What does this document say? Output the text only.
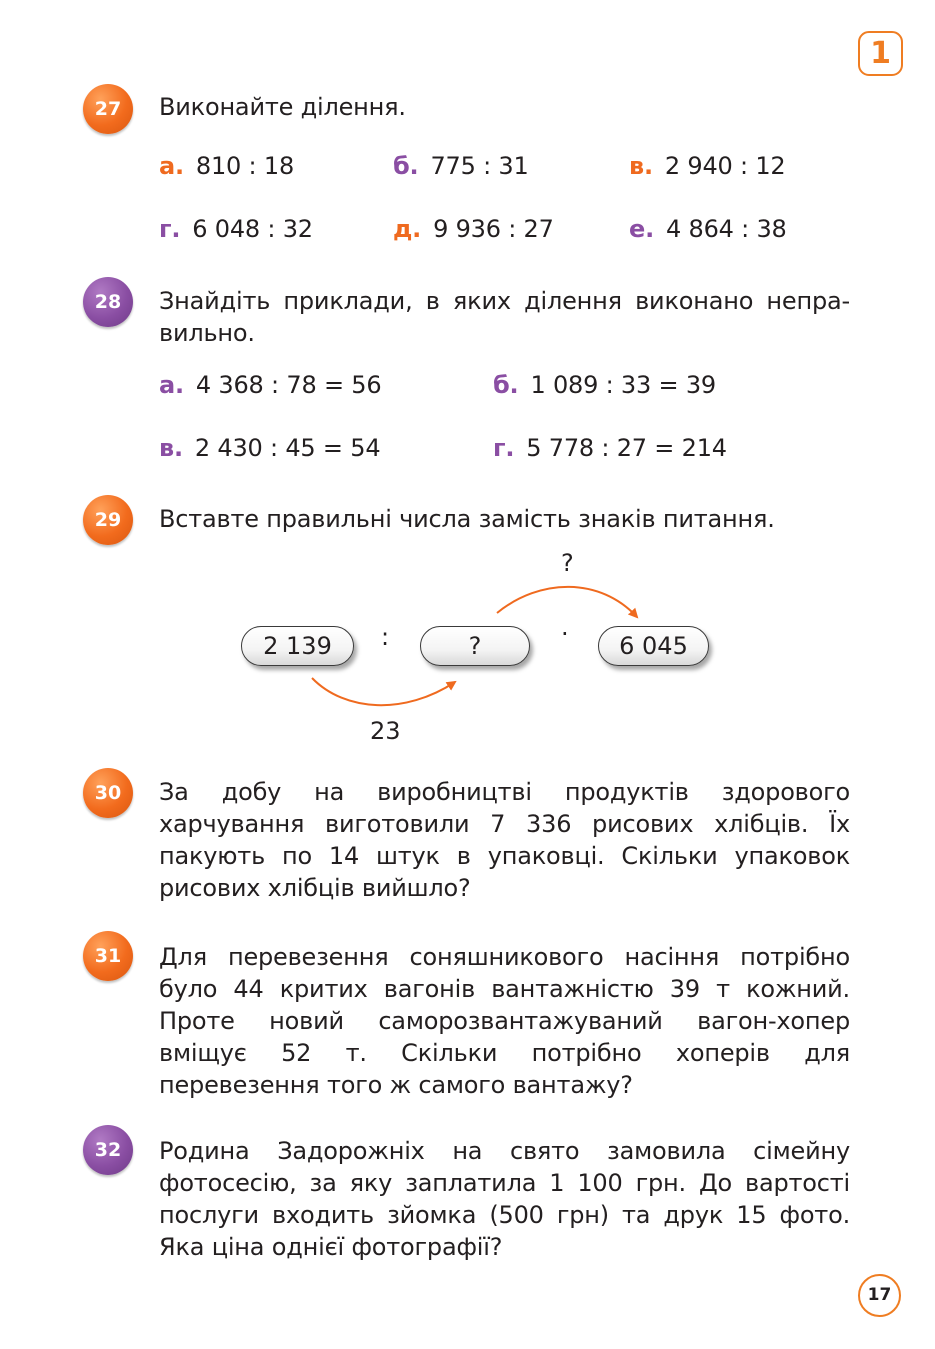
1
27	Виконайте ділення.

а. 810 : 18	б. 775 : 31	в. 2 940 : 12
г. 6 048 : 32	д. 9 936 : 27	е. 4 864 : 38
28	Знайдіть приклади, в яких ділення виконано непра-вильно.

а. 4 368 : 78 = 56	б. 1 089 : 33 = 39
в. 2 430 : 45 = 54	г. 5 778 : 27 = 214
29	Вставте правильні числа замість знаків питання.

2 139	:	?	·	6 045
23
?
30	За добу на виробництві продуктів здорового харчування виготовили 7 336 рисових хлібців. Їх пакують по 14 штук в упаковці. Скільки упаковок рисових хлібців вийшло?

31	Для перевезення соняшникового насіння потрібно було 44 критих вагонів вантажністю 39 т кожний. Проте новий саморозвантажуваний вагон-хопер вміщує 52 т. Скільки потрібно хоперів для перевезення того ж самого вантажу?

32	Родина Задорожніх на свято замовила сімейну фотосесію, за яку заплатила 1 100 грн. До вартості послуги входить зйомка (500 грн) та друк 15 фото. Яка ціна однієї фотографії?

17
